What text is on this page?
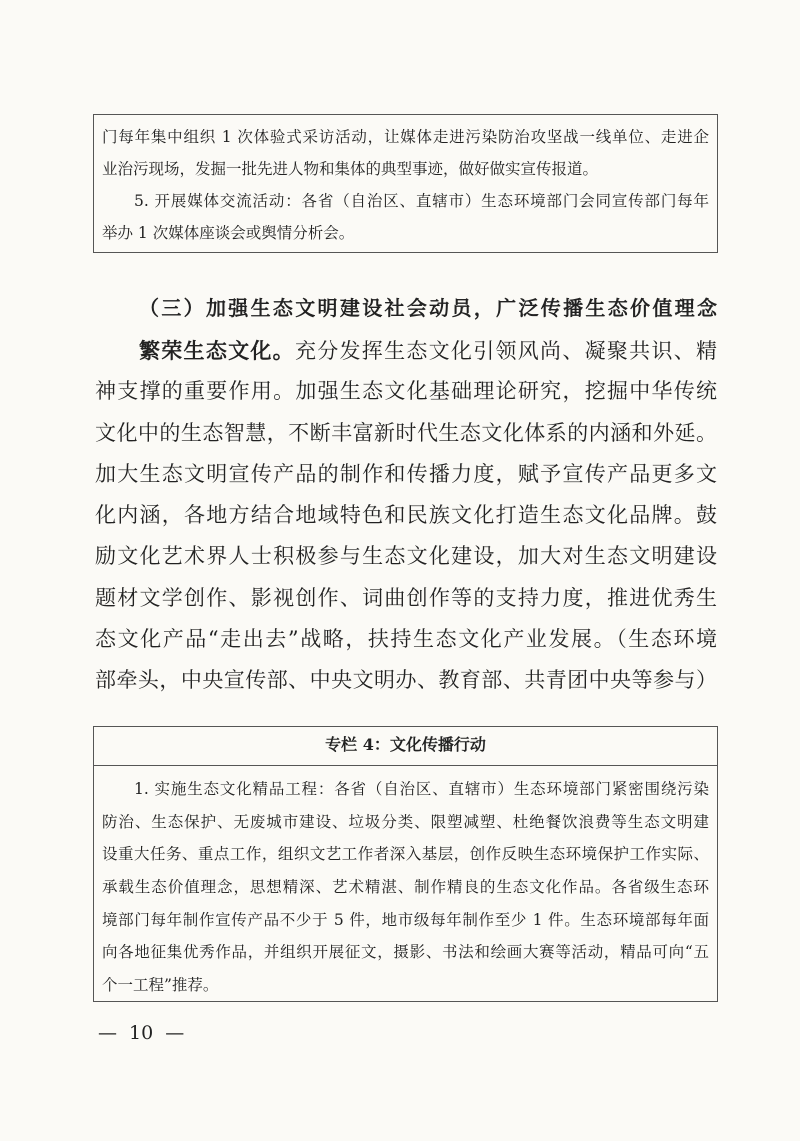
门每年集中组织 1 次体验式采访活动，让媒体走进污染防治攻坚战一线单位、走进企
业治污现场，发掘一批先进人物和集体的典型事迹，做好做实宣传报道。
5. 开展媒体交流活动：各省（自治区、直辖市）生态环境部门会同宣传部门每年
举办 1 次媒体座谈会或舆情分析会。
（三）加强生态文明建设社会动员，广泛传播生态价值理念
繁荣生态文化。充分发挥生态文化引领风尚、凝聚共识、精
神支撑的重要作用。加强生态文化基础理论研究，挖掘中华传统
文化中的生态智慧，不断丰富新时代生态文化体系的内涵和外延。
加大生态文明宣传产品的制作和传播力度，赋予宣传产品更多文
化内涵，各地方结合地域特色和民族文化打造生态文化品牌。鼓
励文化艺术界人士积极参与生态文化建设，加大对生态文明建设
题材文学创作、影视创作、词曲创作等的支持力度，推进优秀生
态文化产品“走出去”战略，扶持生态文化产业发展。（生态环境
部牵头，中央宣传部、中央文明办、教育部、共青团中央等参与）
专栏 4：文化传播行动
1. 实施生态文化精品工程：各省（自治区、直辖市）生态环境部门紧密围绕污染
防治、生态保护、无废城市建设、垃圾分类、限塑减塑、杜绝餐饮浪费等生态文明建
设重大任务、重点工作，组织文艺工作者深入基层，创作反映生态环境保护工作实际、
承载生态价值理念，思想精深、艺术精湛、制作精良的生态文化作品。各省级生态环
境部门每年制作宣传产品不少于 5 件，地市级每年制作至少 1 件。生态环境部每年面
向各地征集优秀作品，并组织开展征文，摄影、书法和绘画大赛等活动，精品可向“五
个一工程”推荐。
— 10 —
